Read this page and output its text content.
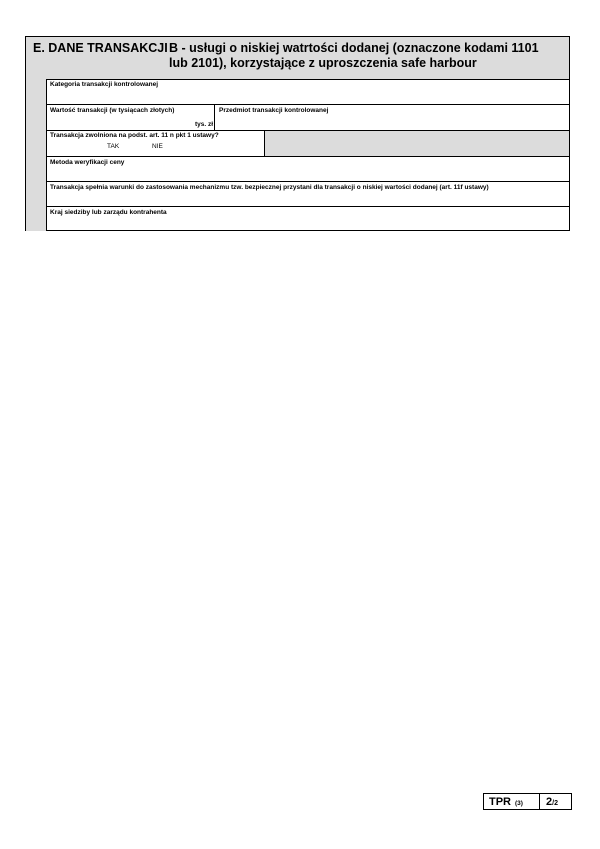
E. DANE TRANSAKCJI B - usługi o niskiej watrtości dodanej (oznaczone kodami 1101
lub 2101), korzystające z uproszczenia safe harbour
Kategoria transakcji kontrolowanej
Wartość transakcji (w tysiącach złotych)
tys. zł
Przedmiot transakcji kontrolowanej
Transakcja zwolniona na podst. art. 11 n pkt 1 ustawy?
TAK	NIE
Metoda weryfikacji ceny
Transakcja spełnia warunki do zastosowania mechanizmu tzw. bezpiecznej przystani dla transakcji o niskiej wartości dodanej (art. 11f ustawy)
Kraj siedziby lub zarządu kontrahenta
TPR (3) 2/2
